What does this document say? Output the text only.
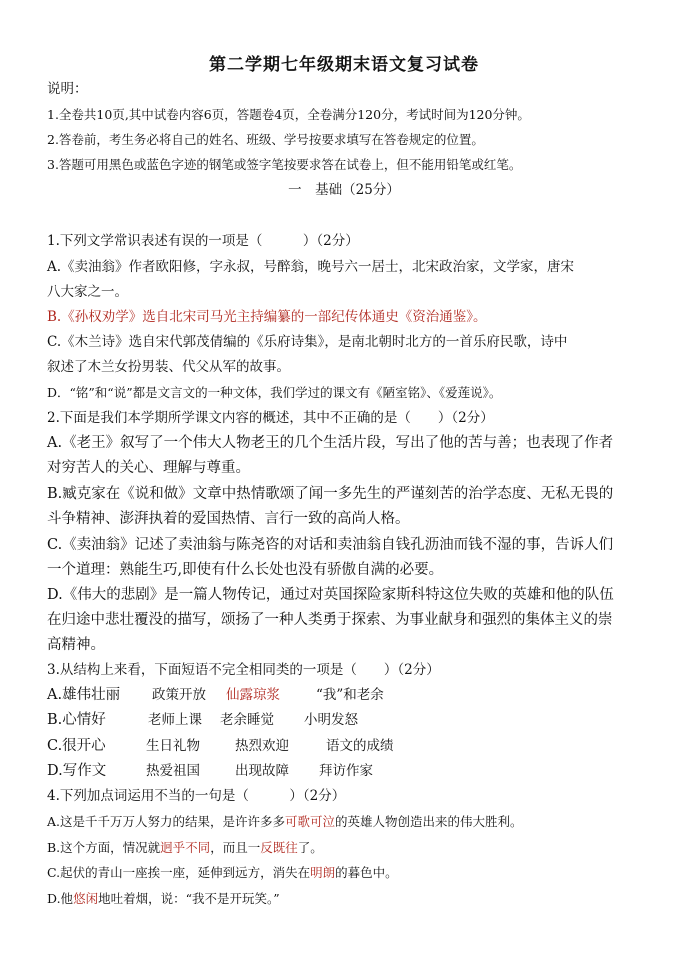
第二学期七年级期末语文复习试卷
说明：
1.全卷共10页,其中试卷内容6页，答题卷4页，全卷满分120分，考试时间为120分钟。
2.答卷前，考生务必将自己的姓名、班级、学号按要求填写在答卷规定的位置。
3.答题可用黑色或蓝色字迹的钢笔或签字笔按要求答在试卷上，但不能用铅笔或红笔。
一　基础（25分）
1.下列文学常识表述有误的一项是（　　　）（2分）
A.《卖油翁》作者欧阳修，字永叔，号醉翁，晚号六一居士，北宋政治家，文学家，唐宋
八大家之一。
B.《孙权劝学》选自北宋司马光主持编纂的一部纪传体通史《资治通鉴》。
C.《木兰诗》选自宋代郭茂倩编的《乐府诗集》，是南北朝时北方的一首乐府民歌，诗中
叙述了木兰女扮男装、代父从军的故事。
D．“铭”和“说”都是文言文的一种文体，我们学过的课文有《陋室铭》、《爱莲说》。
2.下面是我们本学期所学课文内容的概述，其中不正确的是（　　）（2分）
A.《老王》叙写了一个伟大人物老王的几个生活片段，写出了他的苦与善；也表现了作者
对穷苦人的关心、理解与尊重。
B.臧克家在《说和做》文章中热情歌颂了闻一多先生的严谨刻苦的治学态度、无私无畏的
斗争精神、澎湃执着的爱国热情、言行一致的高尚人格。
C.《卖油翁》记述了卖油翁与陈尧咨的对话和卖油翁自钱孔沥油而钱不湿的事，告诉人们
一个道理：熟能生巧,即使有什么长处也没有骄傲自满的必要。
D.《伟大的悲剧》是一篇人物传记，通过对英国探险家斯科特这位失败的英雄和他的队伍
在归途中悲壮覆没的描写，颂扬了一种人类勇于探索、为事业献身和强烈的集体主义的崇
高精神。
3.从结构上来看，下面短语不完全相同类的一项是（　　）（2分）
A.雄伟壮丽 政策开放 仙露琼浆	“我”和老余
B.心情好	老师上课 老余睡觉 小明发怒
C.很开心	生日礼物	热烈欢迎	语文的成绩
D.写作文	热爱祖国	出现故障 拜访作家
4.下列加点词运用不当的一句是（　　　）（2分）
A.这是千千万万人努力的结果，是许许多多可歌可泣的英雄人物创造出来的伟大胜利。
B.这个方面，情况就迥乎不同，而且一反既往了。
C.起伏的青山一座挨一座，延伸到远方，消失在明朗的暮色中。
D.他悠闲地吐着烟，说：“我不是开玩笑。”
